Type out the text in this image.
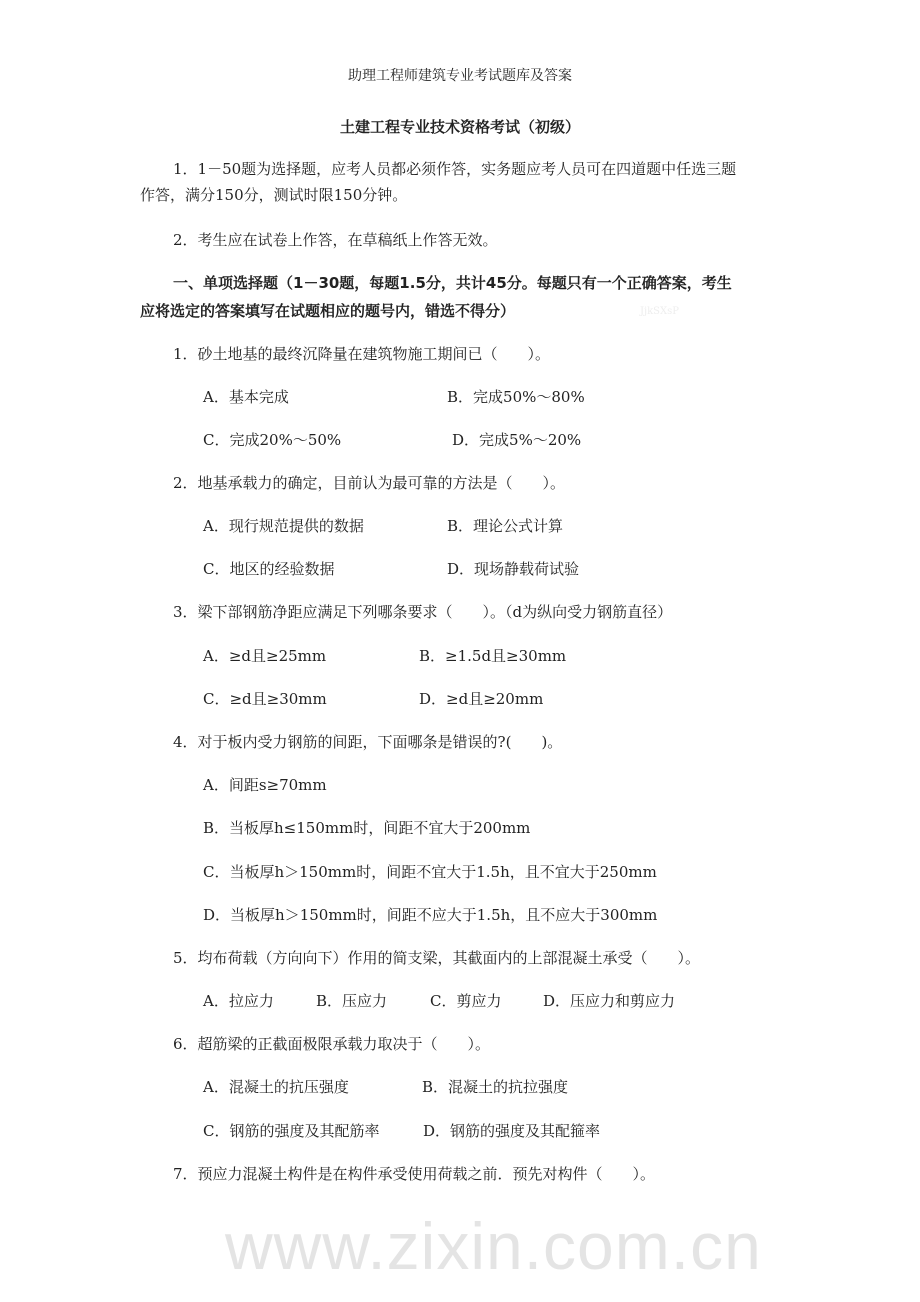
www.zixin.com.cn
JjkSXsP
助理工程师建筑专业考试题库及答案
土建工程专业技术资格考试（初级）
1．1－50题为选择题，应考人员都必须作答，实务题应考人员可在四道题中任选三题
作答，满分150分，测试时限150分钟。
2．考生应在试卷上作答，在草稿纸上作答无效。
一、单项选择题（1－30题，每题1.5分，共计45分。每题只有一个正确答案，考生
应将选定的答案填写在试题相应的题号内，错选不得分）
1．砂土地基的最终沉降量在建筑物施工期间已（　　）。
A．基本完成	B．完成50%～80%
C．完成20%～50%	D．完成5%～20%
2．地基承载力的确定，目前认为最可靠的方法是（　　）。
A．现行规范提供的数据	B．理论公式计算
C．地区的经验数据	D．现场静载荷试验
3．梁下部钢筋净距应满足下列哪条要求（　　）。（d为纵向受力钢筋直径）
A．≥d且≥25mm	B．≥1.5d且≥30mm
C．≥d且≥30mm	D．≥d且≥20mm
4．对于板内受力钢筋的间距，下面哪条是错误的?(　　)。
A．间距s≥70mm
B．当板厚h≤150mm时，间距不宜大于200mm
C．当板厚h＞150mm时，间距不宜大于1.5h，且不宜大于250mm
D．当板厚h＞150mm时，间距不应大于1.5h，且不应大于300mm
5．均布荷载（方向向下）作用的简支梁，其截面内的上部混凝土承受（　　）。
A．拉应力	B．压应力	C．剪应力	D．压应力和剪应力
6．超筋梁的正截面极限承载力取决于（　　）。
A．混凝土的抗压强度	B．混凝土的抗拉强度
C．钢筋的强度及其配筋率	D．钢筋的强度及其配箍率
7．预应力混凝土构件是在构件承受使用荷载之前．预先对构件（　　）。
